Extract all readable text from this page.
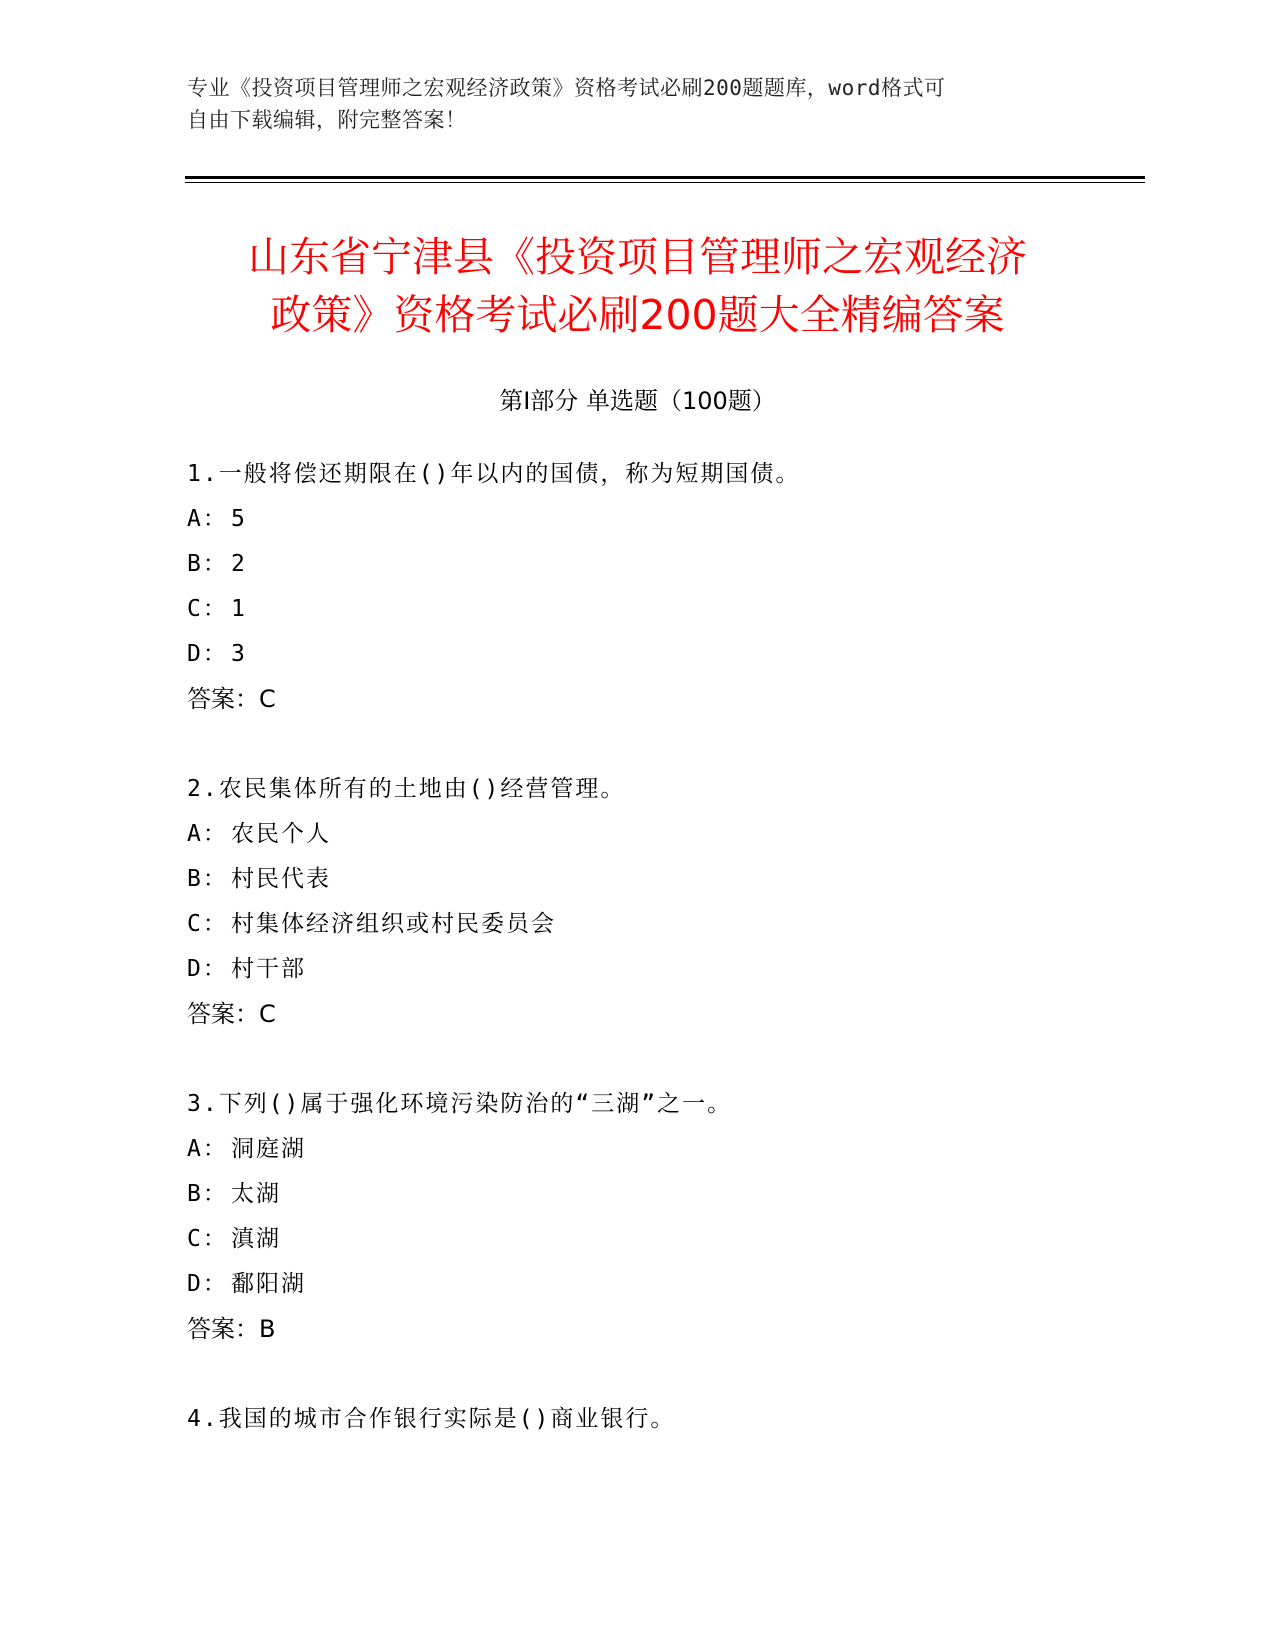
专业《投资项目管理师之宏观经济政策》资格考试必刷200题题库，word格式可
自由下载编辑，附完整答案！
山东省宁津县《投资项目管理师之宏观经济
政策》资格考试必刷200题大全精编答案
第Ⅰ部分 单选题（100题）
1.一般将偿还期限在()年以内的国债，称为短期国债。
A： 5
B： 2
C： 1
D： 3
答案：C
2.农民集体所有的土地由()经营管理。
A： 农民个人
B： 村民代表
C： 村集体经济组织或村民委员会
D： 村干部
答案：C
3.下列()属于强化环境污染防治的“三湖”之一。
A： 洞庭湖
B： 太湖
C： 滇湖
D： 鄱阳湖
答案：B
4.我国的城市合作银行实际是()商业银行。
